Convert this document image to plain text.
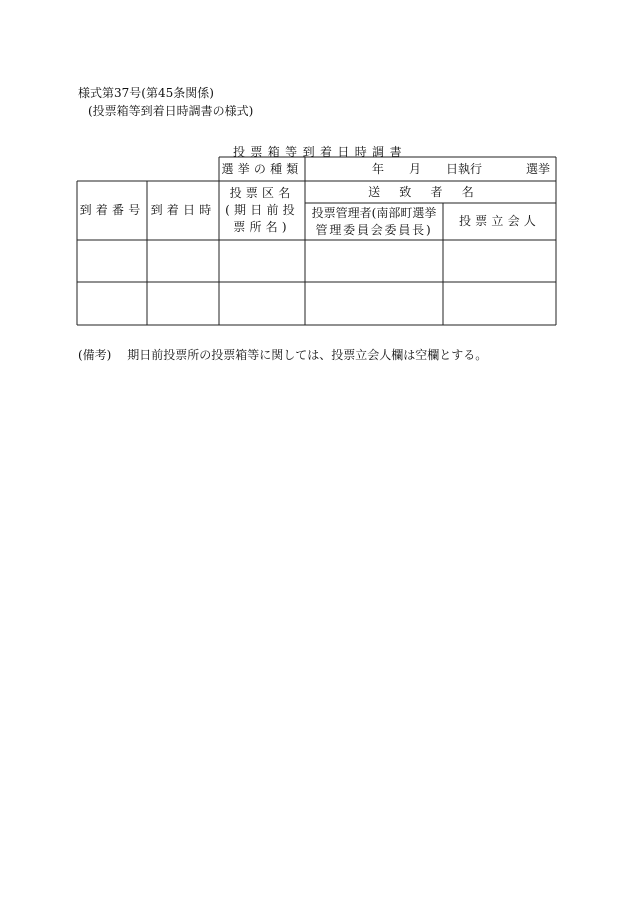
様式第37号(第45条関係)
(投票箱等到着日時調書の様式)
投票箱等到着日時調書
選挙の種類	年 月 日執行	選挙
到着番号 到着日時
投票区名
(期日前投
票所名)
送致者名
投票管理者(南部町選挙
管理委員会委員長)
投票立会人
(備考) 期日前投票所の投票箱等に関しては、投票立会人欄は空欄とする。
